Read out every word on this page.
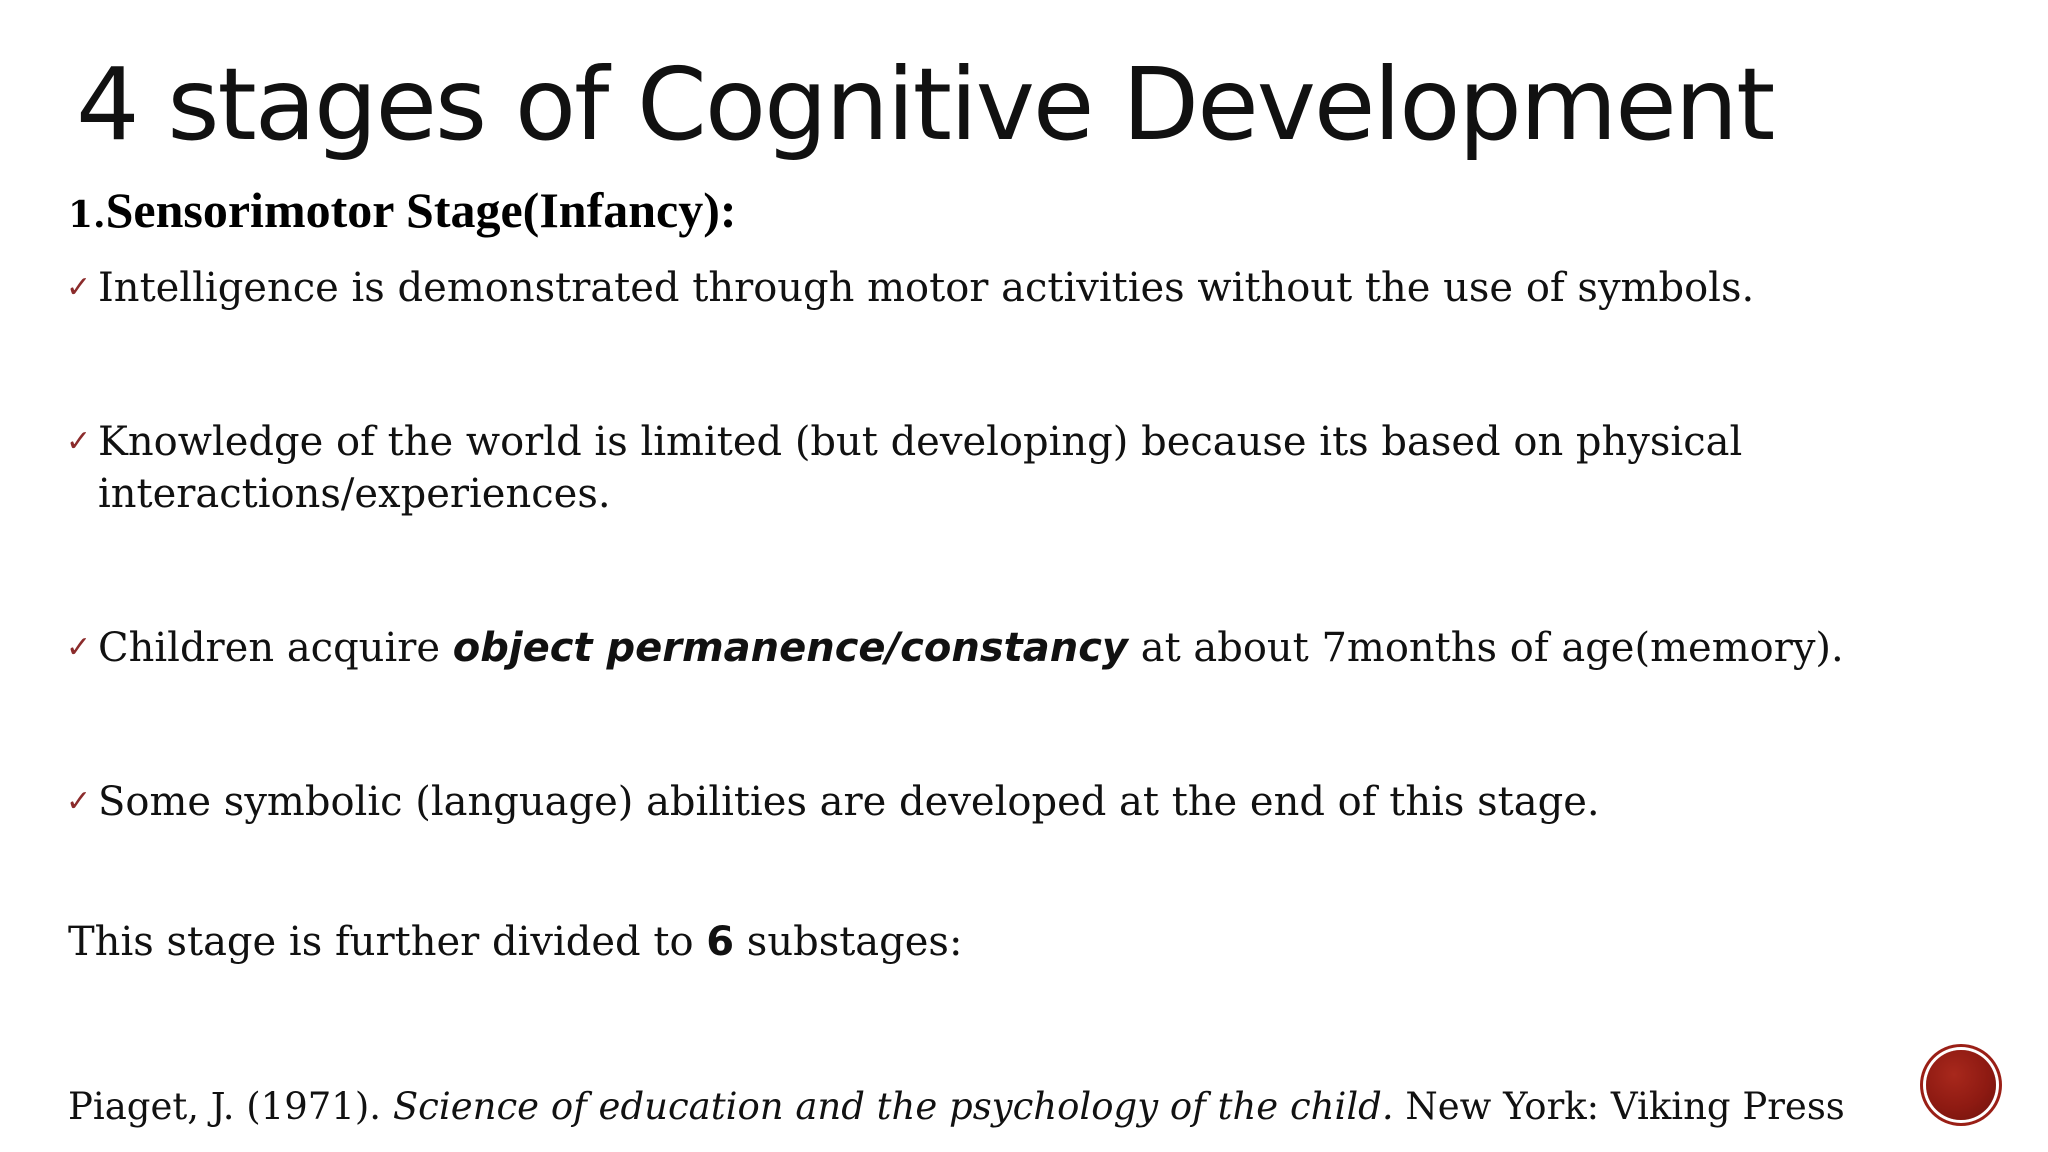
4 stages of Cognitive Development
1.Sensorimotor Stage(Infancy):
✓ Intelligence is demonstrated through motor activities without the use of symbols.
✓ Knowledge of the world is limited (but developing) because its based on physical interactions/experiences.
✓ Children acquire object permanence/constancy at about 7months of age(memory).
✓ Some symbolic (language) abilities are developed at the end of this stage.
This stage is further divided to 6 substages:
Piaget, J. (1971). Science of education and the psychology of the child. New York: Viking Press
